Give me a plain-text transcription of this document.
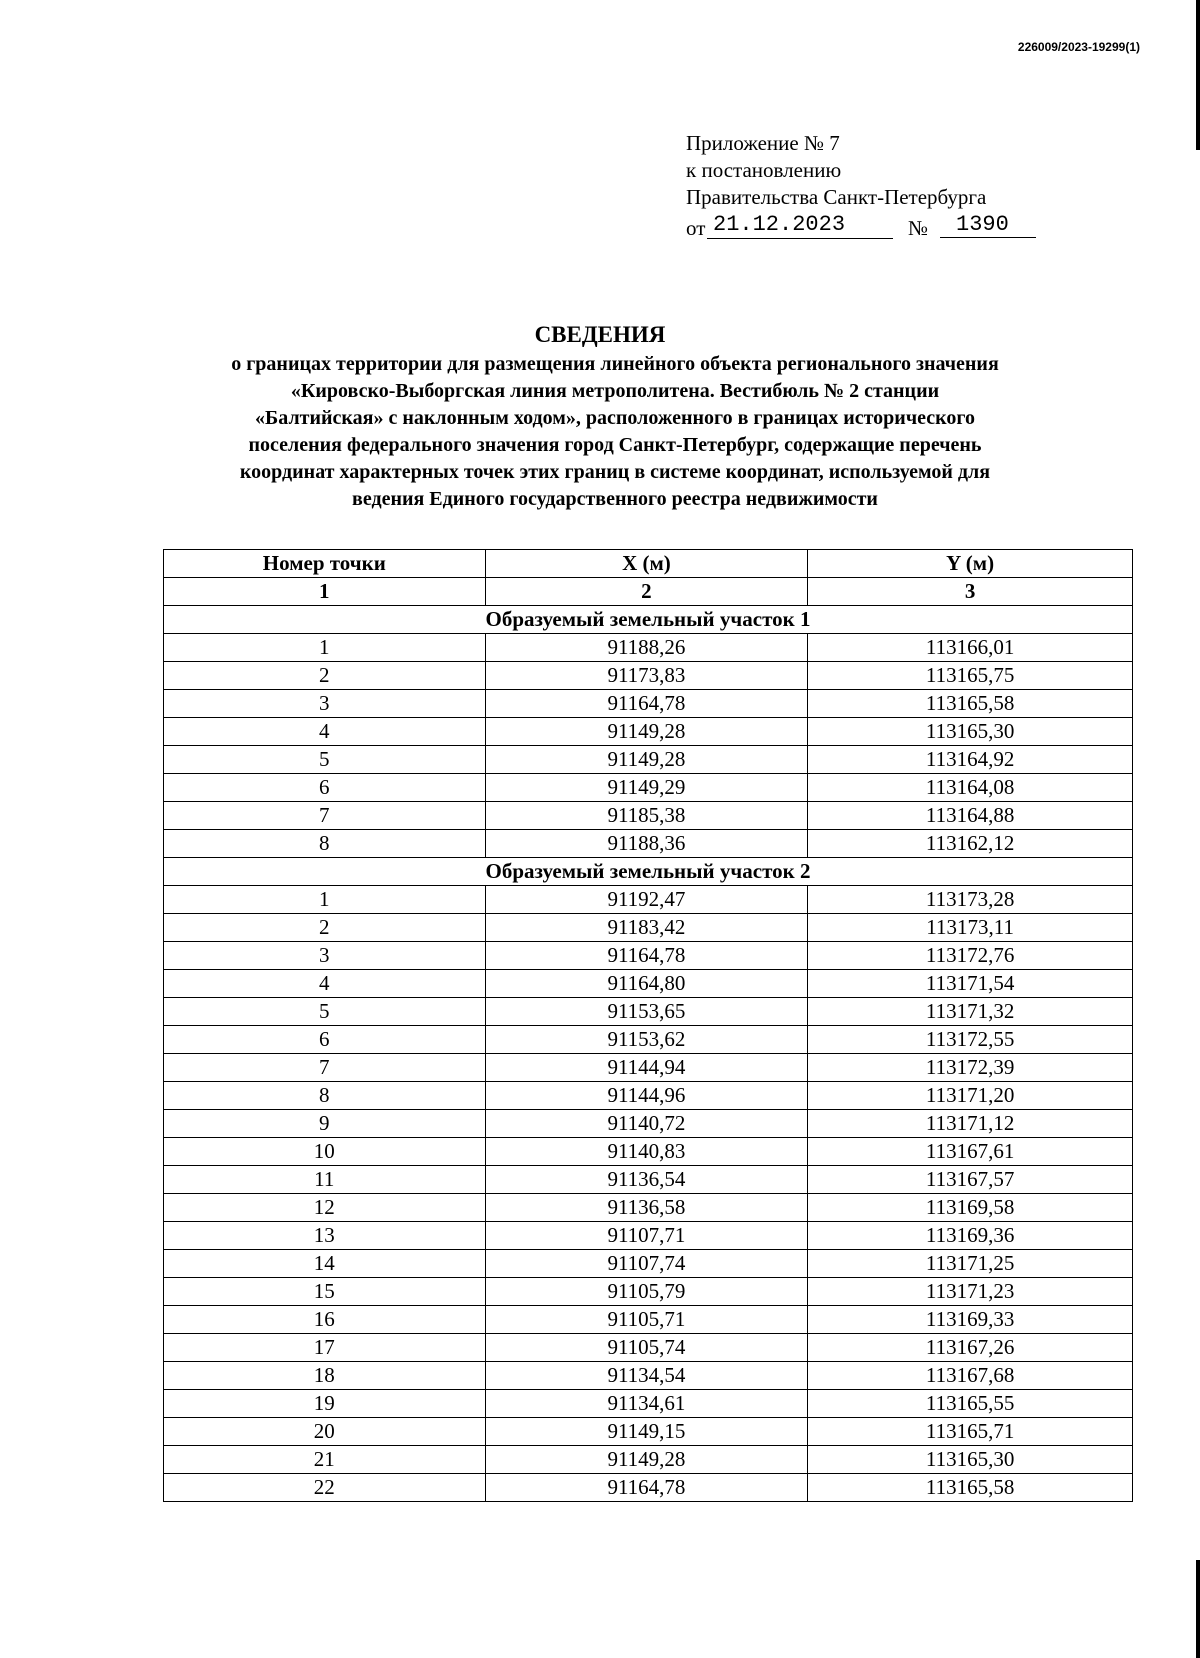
226009/2023-19299(1)
Приложение № 7
к постановлению
Правительства Санкт-Петербурга
от 21.12.2023	№	1390
СВЕДЕНИЯ
о границах территории для размещения линейного объекта регионального значения
«Кировско-Выборгская линия метрополитена. Вестибюль № 2 станции
«Балтийская» с наклонным ходом», расположенного в границах исторического
поселения федерального значения город Санкт-Петербург, содержащие перечень
координат характерных точек этих границ в системе координат, используемой для
ведения Единого государственного реестра недвижимости
Номер точки	X (м)	Y (м)
1	2	3
Образуемый земельный участок 1		
1	91188,26	113166,01
2	91173,83	113165,75
3	91164,78	113165,58
4	91149,28	113165,30
5	91149,28	113164,92
6	91149,29	113164,08
7	91185,38	113164,88
8	91188,36	113162,12
Образуемый земельный участок 2		
1	91192,47	113173,28
2	91183,42	113173,11
3	91164,78	113172,76
4	91164,80	113171,54
5	91153,65	113171,32
6	91153,62	113172,55
7	91144,94	113172,39
8	91144,96	113171,20
9	91140,72	113171,12
10	91140,83	113167,61
11	91136,54	113167,57
12	91136,58	113169,58
13	91107,71	113169,36
14	91107,74	113171,25
15	91105,79	113171,23
16	91105,71	113169,33
17	91105,74	113167,26
18	91134,54	113167,68
19	91134,61	113165,55
20	91149,15	113165,71
21	91149,28	113165,30
22	91164,78	113165,58
